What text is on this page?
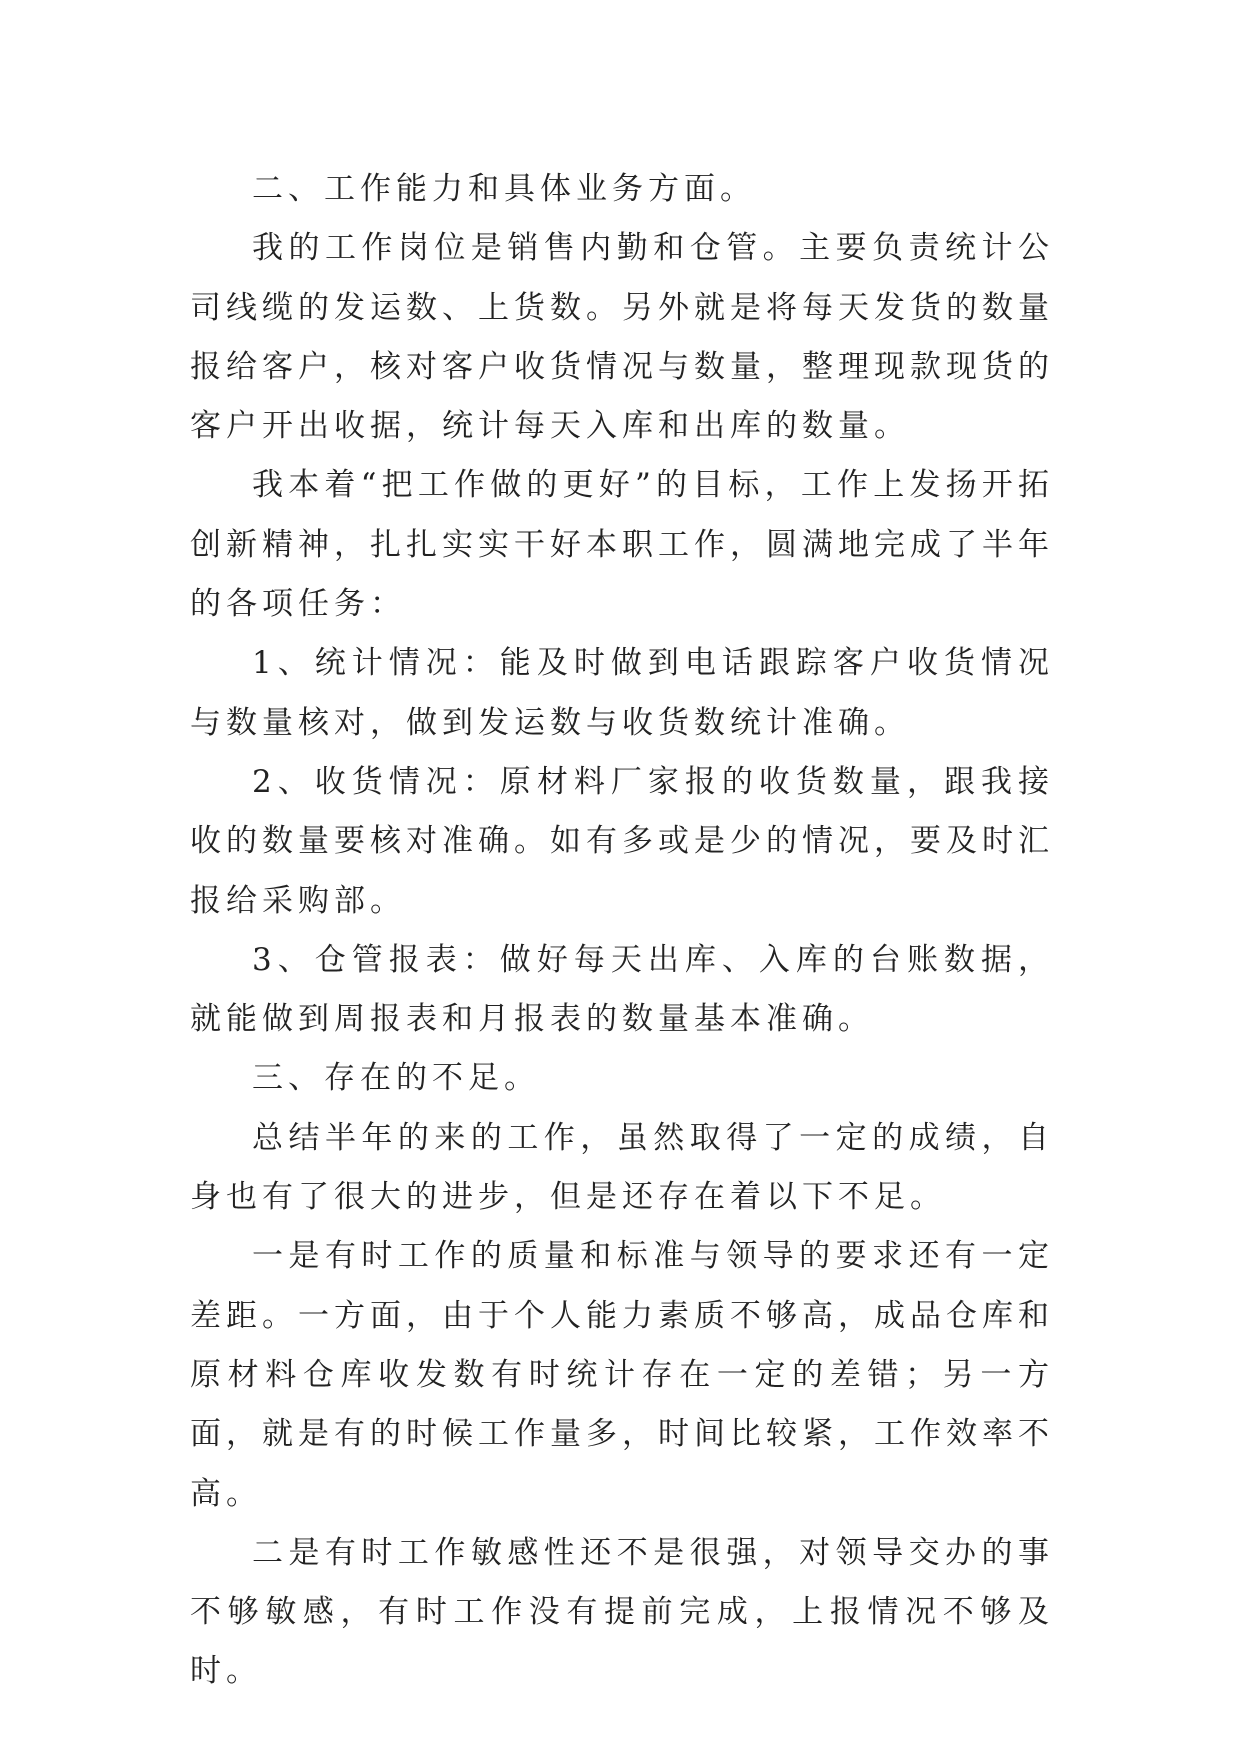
二、工作能力和具体业务方面。

我的工作岗位是销售内勤和仓管。主要负责统计公司线缆的发运数、上货数。另外就是将每天发货的数量报给客户，核对客户收货情况与数量，整理现款现货的客户开出收据，统计每天入库和出库的数量。

我本着“把工作做的更好”的目标，工作上发扬开拓创新精神，扎扎实实干好本职工作，圆满地完成了半年的各项任务：

1、统计情况：能及时做到电话跟踪客户收货情况与数量核对，做到发运数与收货数统计准确。

2、收货情况：原材料厂家报的收货数量，跟我接收的数量要核对准确。如有多或是少的情况，要及时汇报给采购部。

3、仓管报表：做好每天出库、入库的台账数据，就能做到周报表和月报表的数量基本准确。

三、存在的不足。

总结半年的来的工作，虽然取得了一定的成绩，自身也有了很大的进步，但是还存在着以下不足。

一是有时工作的质量和标准与领导的要求还有一定差距。一方面，由于个人能力素质不够高，成品仓库和原材料仓库收发数有时统计存在一定的差错；另一方面，就是有的时候工作量多，时间比较紧，工作效率不高。

二是有时工作敏感性还不是很强，对领导交办的事不够敏感，有时工作没有提前完成，上报情况不够及时。
